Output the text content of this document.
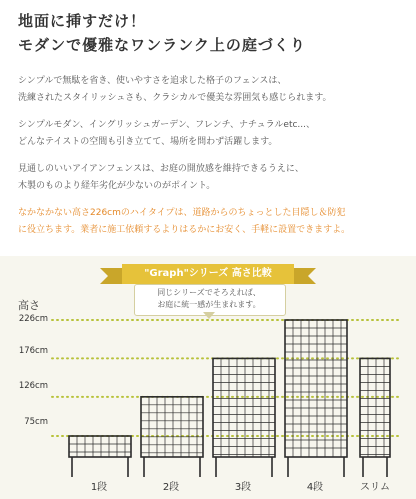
地面に挿すだけ！
モダンで優雅なワンランク上の庭づくり
シンプルで無駄を省き、使いやすさを追求した格子のフェンスは、
洗練されたスタイリッシュさも、クラシカルで優美な雰囲気も感じられます。
シンプルモダン、イングリッシュガーデン、フレンチ、ナチュラルetc...、
どんなテイストの空間も引き立てて、場所を問わず活躍します。
見通しのいいアイアンフェンスは、お庭の開放感を維持できるうえに、
木製のものより経年劣化が少ないのがポイント。
なかなかない高さ226cmのハイタイプは、道路からのちょっとした目隠し＆防犯
に役立ちます。業者に施工依頼するよりはるかにお安く、手軽に設置できますよ。
"Graph"シリーズ 高さ比較
同じシリーズでそろえれば、
お庭に統一感が生まれます。
高さ
226cm
176cm
126cm
75cm
1段	2段	3段	4段	スリム
